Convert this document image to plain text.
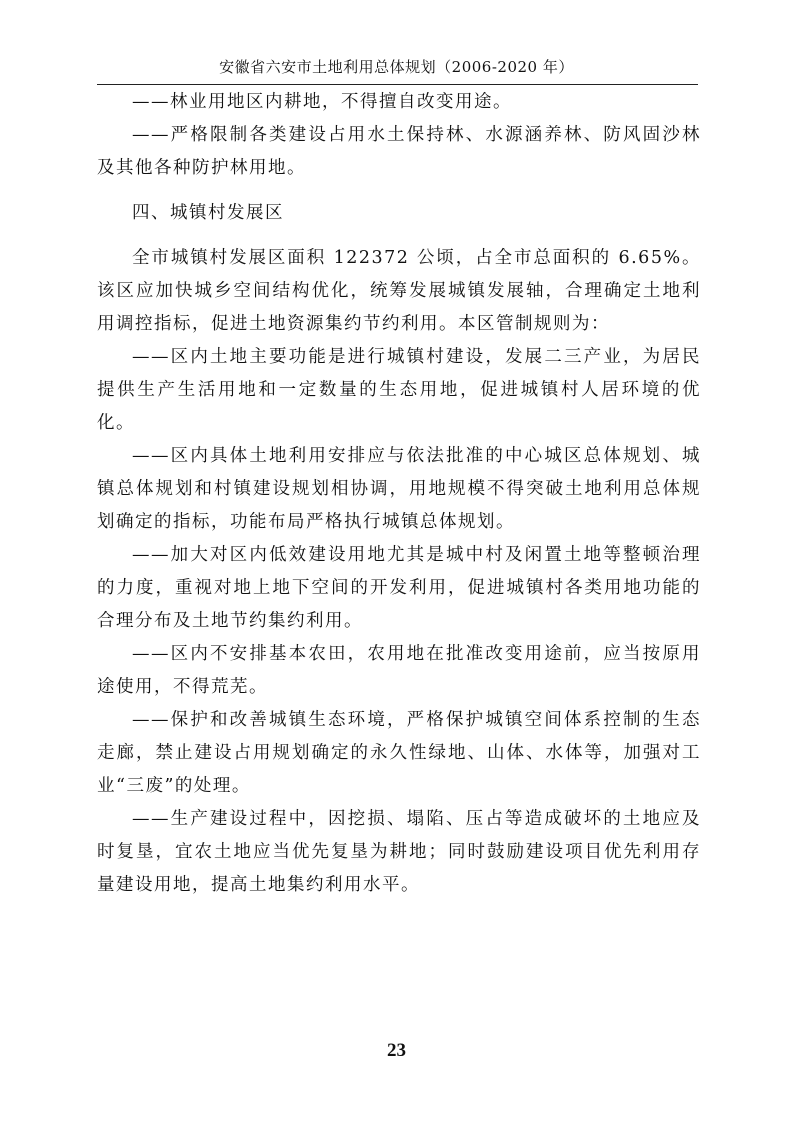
安徽省六安市土地利用总体规划（2006-2020 年）

——林业用地区内耕地，不得擅自改变用途。

——严格限制各类建设占用水土保持林、水源涵养林、防风固沙林及其他各种防护林用地。

四、城镇村发展区

全市城镇村发展区面积 122372 公顷，占全市总面积的 6.65%。该区应加快城乡空间结构优化，统筹发展城镇发展轴，合理确定土地利用调控指标，促进土地资源集约节约利用。本区管制规则为：

——区内土地主要功能是进行城镇村建设，发展二三产业，为居民提供生产生活用地和一定数量的生态用地，促进城镇村人居环境的优化。

——区内具体土地利用安排应与依法批准的中心城区总体规划、城镇总体规划和村镇建设规划相协调，用地规模不得突破土地利用总体规划确定的指标，功能布局严格执行城镇总体规划。

——加大对区内低效建设用地尤其是城中村及闲置土地等整顿治理的力度，重视对地上地下空间的开发利用，促进城镇村各类用地功能的合理分布及土地节约集约利用。

——区内不安排基本农田，农用地在批准改变用途前，应当按原用途使用，不得荒芜。

——保护和改善城镇生态环境，严格保护城镇空间体系控制的生态走廊，禁止建设占用规划确定的永久性绿地、山体、水体等，加强对工业“三废”的处理。

——生产建设过程中，因挖损、塌陷、压占等造成破坏的土地应及时复垦，宜农土地应当优先复垦为耕地；同时鼓励建设项目优先利用存量建设用地，提高土地集约利用水平。

23
